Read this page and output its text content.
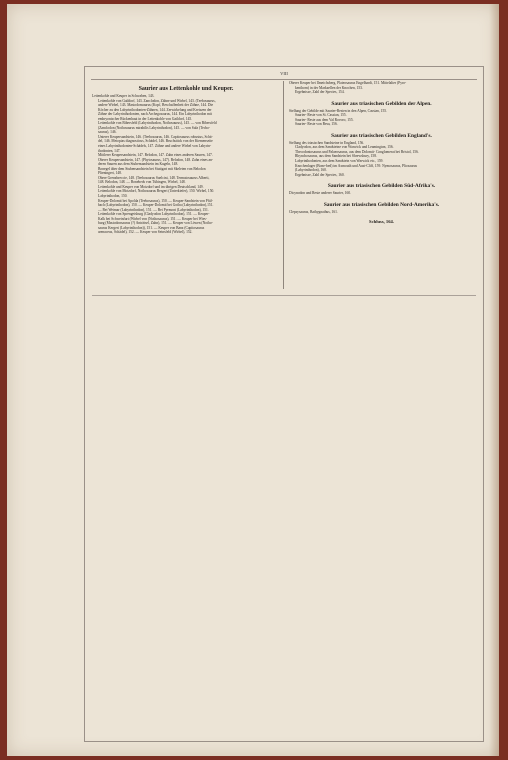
VIII
Saurier aus Lettenkohle und Keuper.
Lettenkohle und Keuper in Schwaben, 143.
Lettenkohle von Gaildorf, 143. Zanclodon, Zähne und Wirbel, 143. (Teebosaurus,
andere Wirbel, 143. Mastodonsaurus (Kopf, Beschaffenheit der Zähne, 144. Die
Köcher zu den Labyrinthodonten-Zähnen, 144. Zerwirkelung und Kreiszen der
Zähne der Labyrinthodonten, nach Archegosaurus, 144. Ein Labyrinthodon mit
embryonischer Rückenhaut in der Lettenkohle von Gaildorf, 145.
Lettenkohle von Bibersfeld (Labyrinthodon, Nothosaurus), 145. — von Bibersfeld
(Zanclodon (Nothosaurus mirabilis Labyrinthodon), 145. — von Sulz (Tecbo-
saurus), 146.
Unterer Keupersandstein, 146. (Teebosaurus, 146. Capitosaurus robustus, Schä-
del, 146. Metopias diagnosticus, Schädel, 146. Bruchstück von der Kiemenseite
eines Labyrinthodonten-Schädels, 147. Zähne und andere Wirbel von Labyrin-
thodonten, 147.
Mittlerer Keupersandstein, 147. Belodon, 147. Zahn eines anderen Sauren, 147.
Oberer Keupersandstein, 147. (Phytosaurus, 147). Belodon, 148. Zahn eines an-
deren Sauren aus dem Stubensandstein im Kugeln, 148.
Bonegel über dem Stubensandstein bei Stuttgart mit Skeleten von Belodon
Plieningeri, 148.
Obere Grenzbreccie, 148. (Teebosaurus Suelcini, 148. Termatosaurus Alberti,
148. Belodon, 148. — Bonebeds von Tübingen, Wirbel, 148.
Lettenkohle und Keuper von Motzdorf und im übrigen Deutschland, 149.
Lettenkohle von Motzdorf, Nothosaurus Bergeri (Unterkiefer), 150. Wirbel, 150.
Labyrinthodon, 150.
Keuper-Dolomit bei Apolda (Teebosaurus), 150. — Keuper-Sandstein von Pfäl-
bach (Labyrinthodon), 150. — Keuper-Dolomit bei Gotha (Labyrinthodon),151.
— Bei Weimar (Labyrinthodon), 151. — Bei Pyrmont (Labyrinthodon), 151.
Lettenkohle von Sprengeisburg (Cladyodon Labyrinthodon), 151. — Keuper-
Kalk bei Schweinfurt (Wirbel von (Nothosaurus), 151. — Keuper bei Wies-
burg (Mastodonsaurus (?) Anträtsel, Zahn), 151. — Keuper von Löwen (Notho-
saurus Kergeri (Labyrinthodon)), 151. — Keuper von Banz (Capitosaurus
arenaceus, Schädel), 152. — Keuper von Seinsfeld (Wirbel), 152.
Oberer Keuper bei Ilmeichsberg, Plateosaurus Engelhardi, 151. Mittelalter (Pyro-
kenthorn) in der Markzellen der Knochen, 153.
Ergebnisse, Zahl der Species, 154.
Saurier aus triasischen Gebilden der Alpen.
Stellung der Gebilde mit Saurier-Resten in den Alpen, Cassian, 155.
Saurier- Reste von St. Cassian, 155.
Saurier- Reste aus dem Val Rovoro, 155.
Saurier- Reste von Besa, 156.
Saurier aus triasischen Gebilden England's.
Stellung des triasischen Sandsteine in England, 156.
Cladyodon, aus dem Sandsteine von Warwick und Leamington, 156.
Thecodontosaurus und Palaeosaurus, aus dem Dolomit- Conglomerat bei Bristol, 156.
Rhynchosaurus, aus dem Sandstein bei Shrewsbury, 158.
Labyrinthodonten, aus dem Sandstein von Warwick etc., 159.
Knochenlager (Bone-bed) im Axmouth und Aust-Cliff, 159. Nymosaurus, Pliosaurus
(Labyrinthodon), 160.
Ergebnisse, Zahl der Species, 160.
Saurier aus triasischen Gebilden Süd-Afrika's.
Dicynodon und Reste anderer Saurier, 160.
Saurier aus triasischen Gebilden Nord-Amerika's.
Clepsysaurus, Bathygnathus, 161.
Schluss, 164.
